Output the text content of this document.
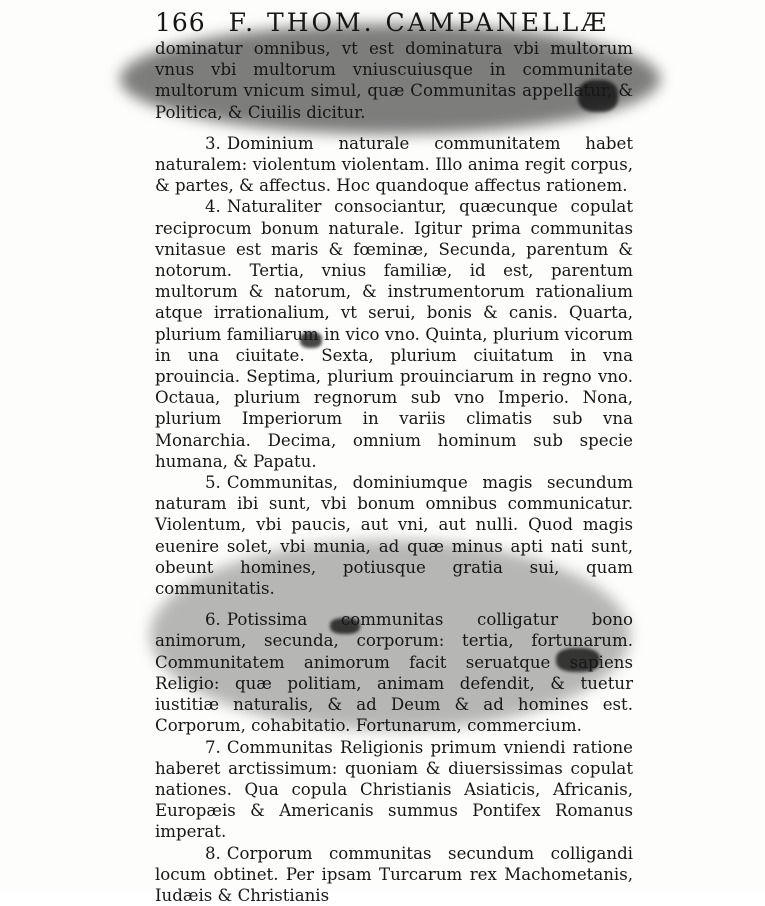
166 F. THOM. CAMPANELLÆ

dominatur omnibus, vt est dominatura vbi multorum vnus vbi multorum vniuscuiusque in communitate multorum vnicum simul, quæ Communitas appellatur, & Politica, & Ciuilis dicitur.

3. Dominium naturale communitatem habet naturalem: violentum violentam. Illo anima regit corpus, & partes, & affectus. Hoc quandoque affectus rationem.

4. Naturaliter consociantur, quæcunque copulat reciprocum bonum naturale. Igitur prima communitas vnitasue est maris & fœminæ, Secunda, parentum & notorum. Tertia, vnius familiæ, id est, parentum multorum & natorum, & instrumentorum rationalium atque irrationalium, vt serui, bonis & canis. Quarta, plurium familiarum in vico vno. Quinta, plurium vicorum in una ciuitate. Sexta, plurium ciuitatum in vna prouincia. Septima, plurium prouinciarum in regno vno. Octaua, plurium regnorum sub vno Imperio. Nona, plurium Imperiorum in variis climatis sub vna Monarchia. Decima, omnium hominum sub specie humana, & Papatu.

5. Communitas, dominiumque magis secundum naturam ibi sunt, vbi bonum omnibus communicatur. Violentum, vbi paucis, aut vni, aut nulli. Quod magis euenire solet, vbi munia, ad quæ minus apti nati sunt, obeunt homines, potiusque gratia sui, quam communitatis.

6. Potissima communitas colligatur bono animorum, secunda, corporum: tertia, fortunarum. Communitatem animorum facit seruatque sapiens Religio: quæ politiam, animam defendit, & tuetur iustitiæ naturalis, & ad Deum & ad homines est. Corporum, cohabitatio. Fortunarum, commercium.

7. Communitas Religionis primum vniendi ratione haberet arctissimum: quoniam & diuersissimas copulat nationes. Qua copula Christianis Asiaticis, Africanis, Europæis & Americanis summus Pontifex Romanus imperat.

8. Corporum communitas secundum colligandi locum obtinet. Per ipsam Turcarum rex Machometanis, Iudæis & Christianis
